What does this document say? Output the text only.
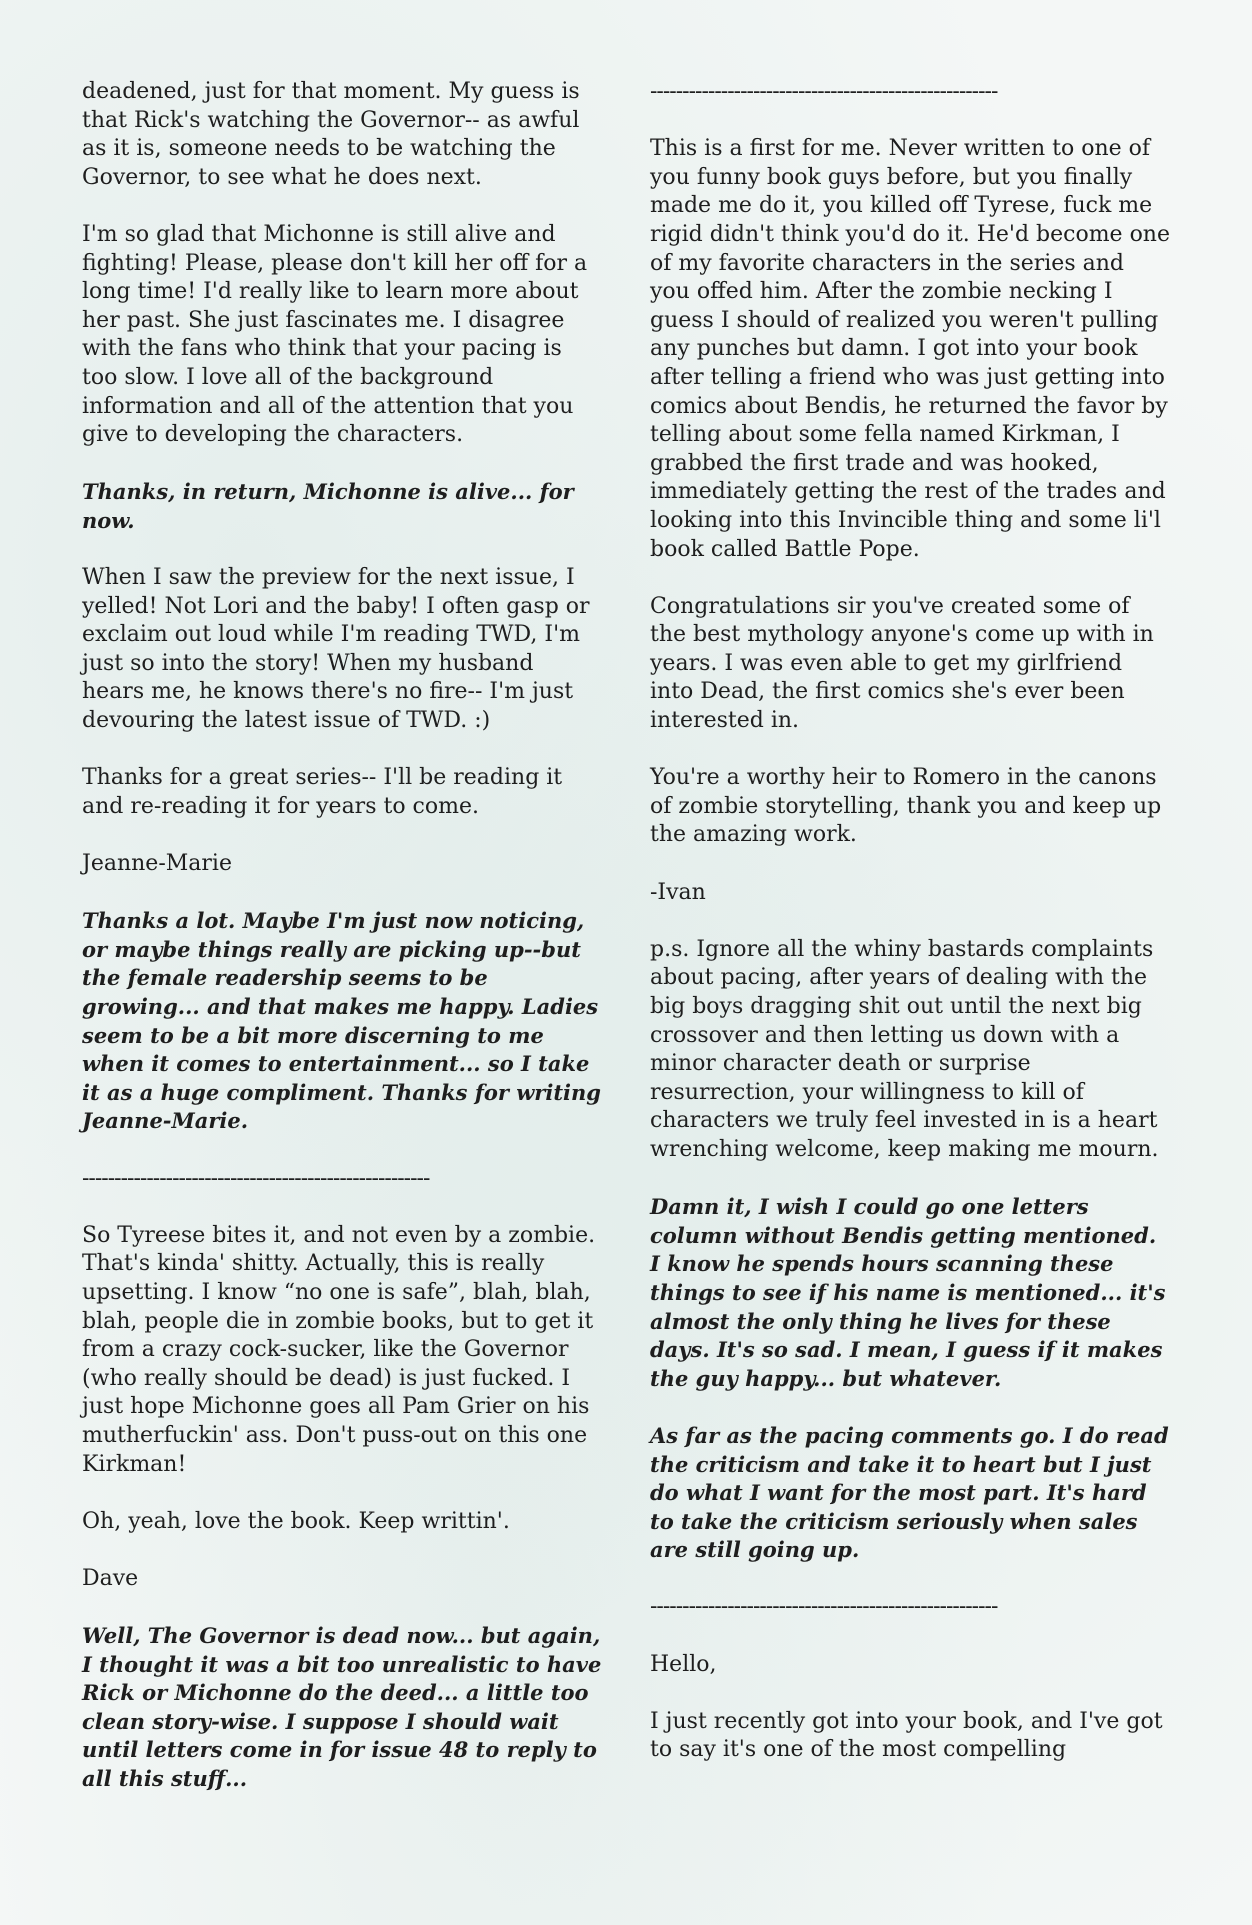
deadened, just for that moment. My guess is that Rick's watching the Governor-- as awful as it is, someone needs to be watching the Governor, to see what he does next.

I'm so glad that Michonne is still alive and fighting! Please, please don't kill her off for a long time! I'd really like to learn more about her past. She just fascinates me. I disagree with the fans who think that your pacing is too slow. I love all of the background information and all of the attention that you give to developing the characters.

Thanks, in return, Michonne is alive... for now.

When I saw the preview for the next issue, I yelled! Not Lori and the baby! I often gasp or exclaim out loud while I'm reading TWD, I'm just so into the story! When my husband hears me, he knows there's no fire-- I'm just devouring the latest issue of TWD. :)

Thanks for a great series-- I'll be reading it and re-reading it for years to come.

Jeanne-Marie

Thanks a lot. Maybe I'm just now noticing, or maybe things really are picking up--but the female readership seems to be growing... and that makes me happy. Ladies seem to be a bit more discerning to me when it comes to entertainment... so I take it as a huge compliment. Thanks for writing Jeanne-Marie.

------------------------------------------------------

So Tyreese bites it, and not even by a zombie. That's kinda' shitty. Actually, this is really upsetting. I know “no one is safe”, blah, blah, blah, people die in zombie books, but to get it from a crazy cock-sucker, like the Governor (who really should be dead) is just fucked. I just hope Michonne goes all Pam Grier on his mutherfuckin' ass. Don't puss-out on this one Kirkman!

Oh, yeah, love the book. Keep writtin'.

Dave

Well, The Governor is dead now... but again, I thought it was a bit too unrealistic to have Rick or Michonne do the deed... a little too clean story-wise. I suppose I should wait until letters come in for issue 48 to reply to all this stuff...

------------------------------------------------------

This is a first for me. Never written to one of you funny book guys before, but you finally made me do it, you killed off Tyrese, fuck me rigid didn't think you'd do it. He'd become one of my favorite characters in the series and you offed him. After the zombie necking I guess I should of realized you weren't pulling any punches but damn. I got into your book after telling a friend who was just getting into comics about Bendis, he returned the favor by telling about some fella named Kirkman, I grabbed the first trade and was hooked, immediately getting the rest of the trades and looking into this Invincible thing and some li'l book called Battle Pope.

Congratulations sir you've created some of the best mythology anyone's come up with in years. I was even able to get my girlfriend into Dead, the first comics she's ever been interested in.

You're a worthy heir to Romero in the canons of zombie storytelling, thank you and keep up the amazing work.

-Ivan

p.s. Ignore all the whiny bastards complaints about pacing, after years of dealing with the big boys dragging shit out until the next big crossover and then letting us down with a minor character death or surprise resurrection, your willingness to kill of characters we truly feel invested in is a heart wrenching welcome, keep making me mourn.

Damn it, I wish I could go one letters column without Bendis getting mentioned. I know he spends hours scanning these things to see if his name is mentioned... it's almost the only thing he lives for these days. It's so sad. I mean, I guess if it makes the guy happy... but whatever.

As far as the pacing comments go. I do read the criticism and take it to heart but I just do what I want for the most part. It's hard to take the criticism seriously when sales are still going up.

------------------------------------------------------

Hello,

I just recently got into your book, and I've got to say it's one of the most compelling
